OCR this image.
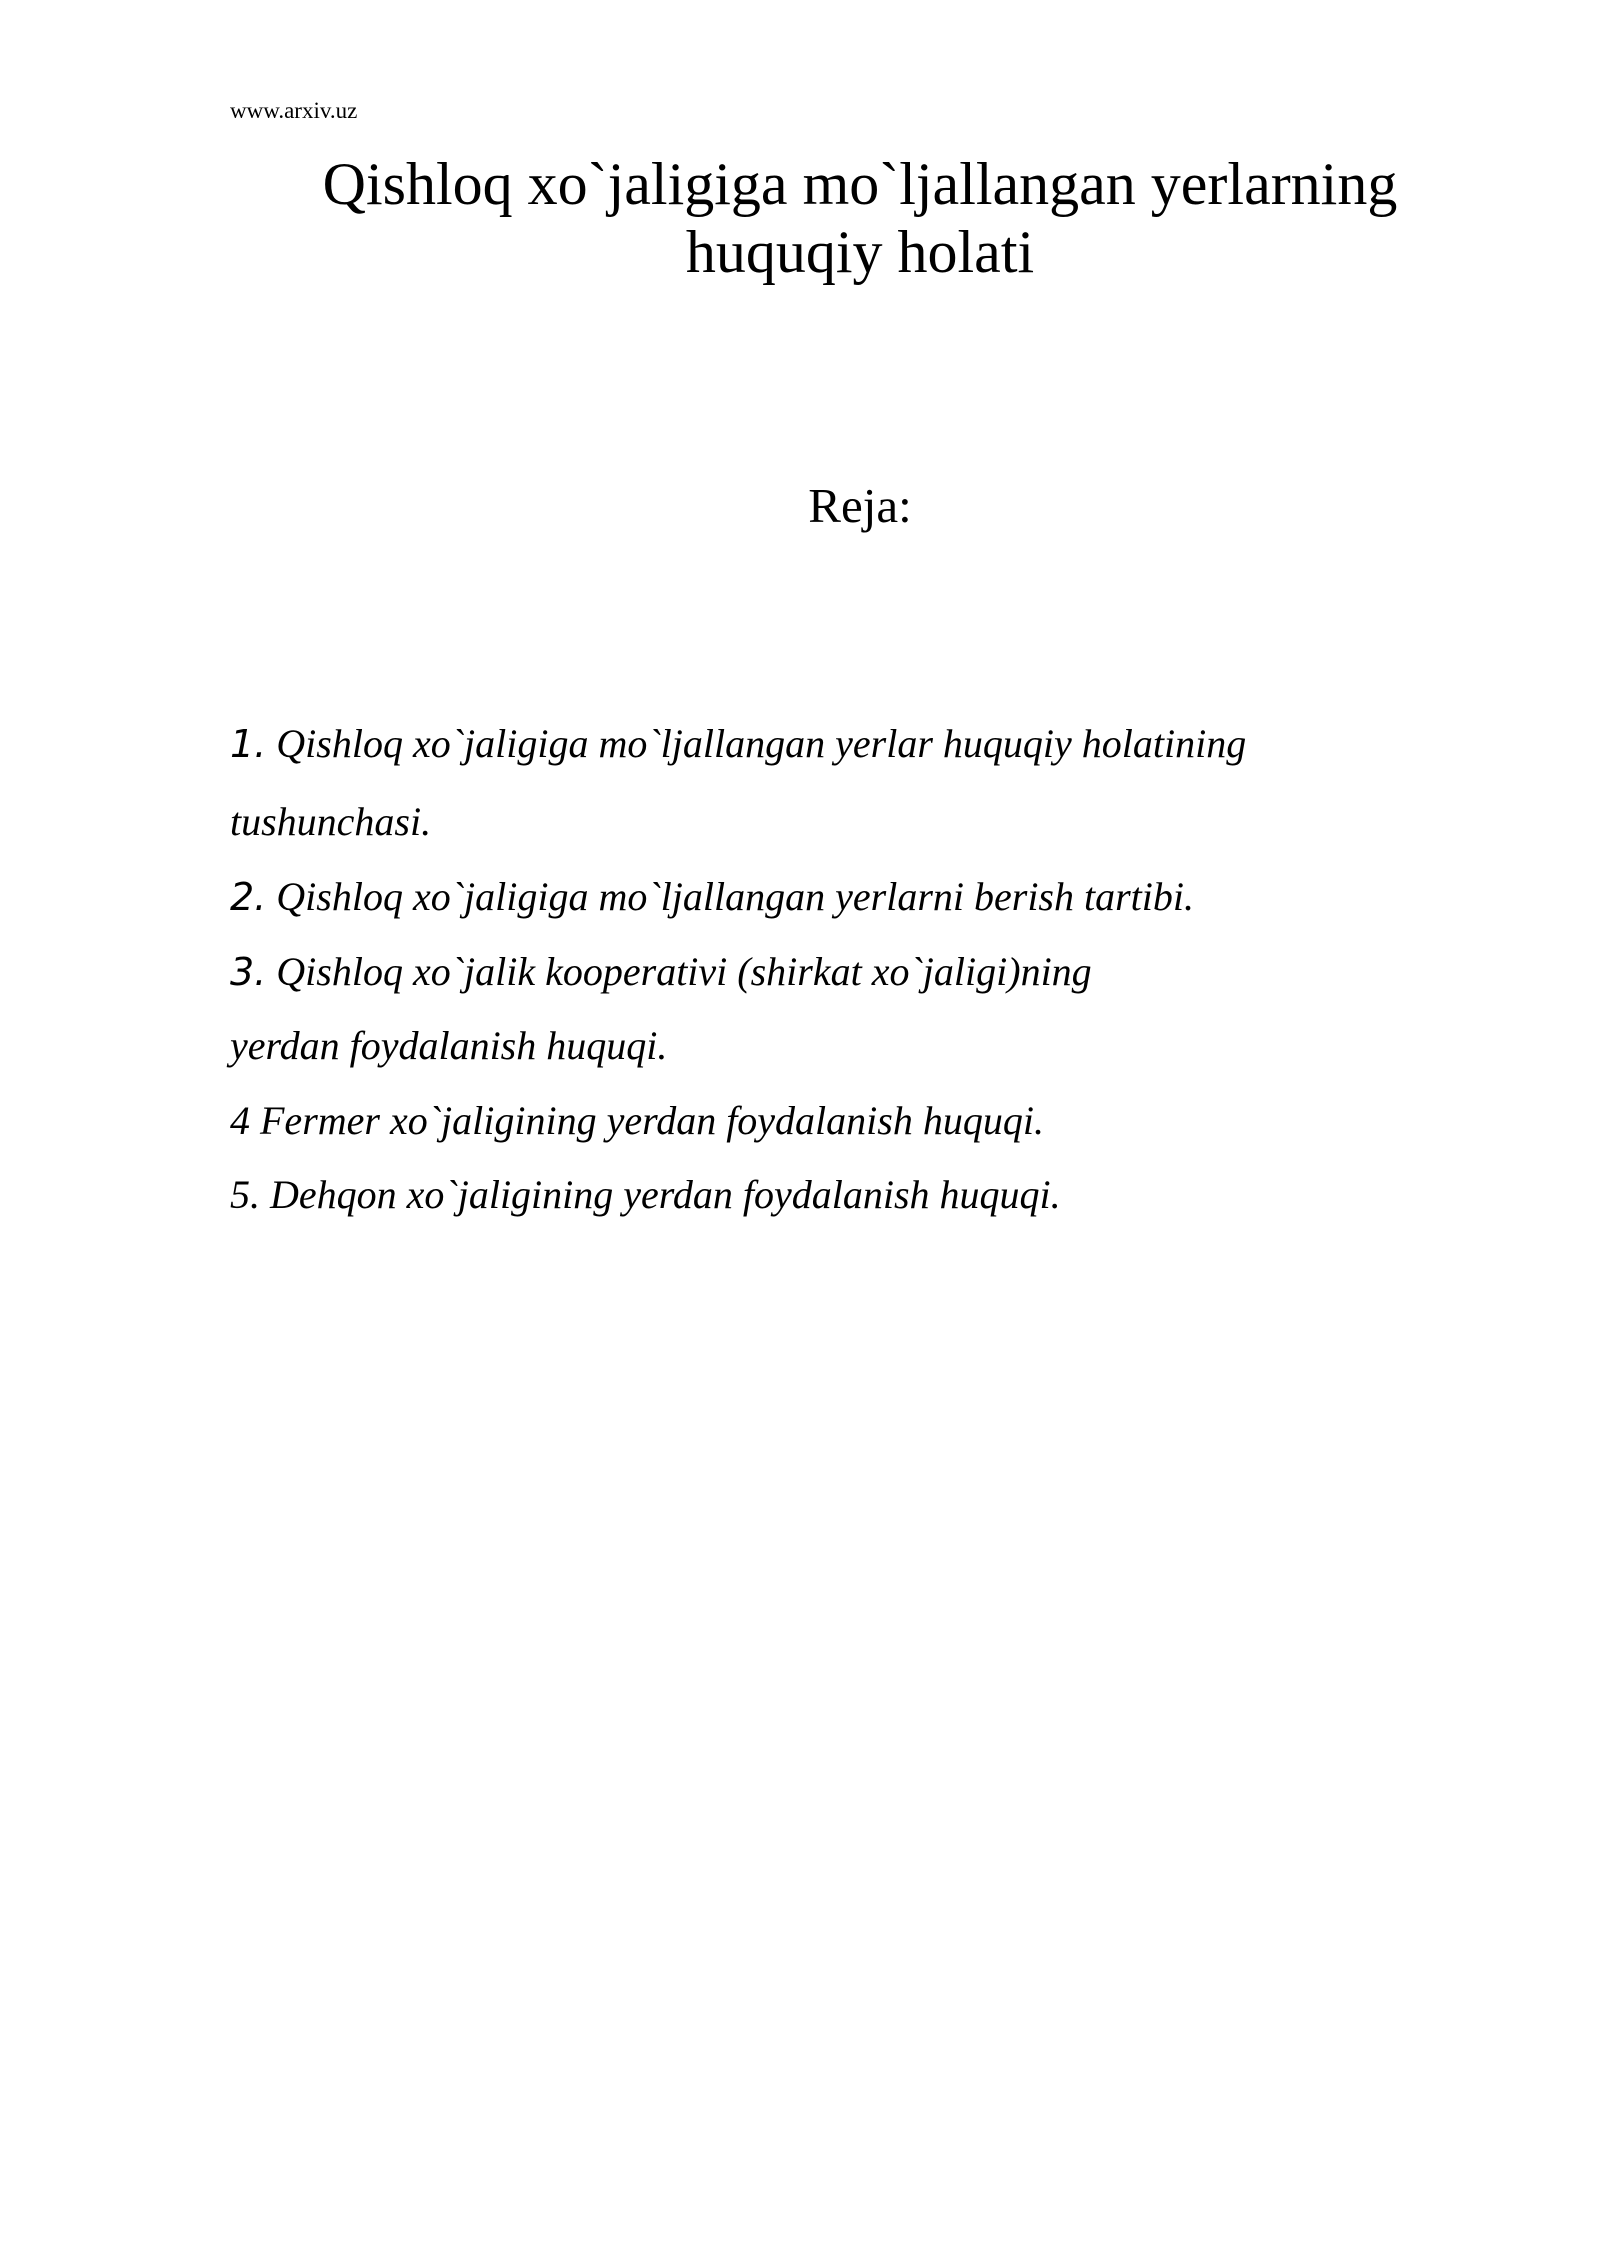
www.arxiv.uz
Qishloq xo`jaligiga mo`ljallangan yerlarning
huquqiy holati
Reja:
1. Qishloq xo`jaligiga mo`ljallangan yerlar huquqiy holatining
tushunchasi.
2. Qishloq xo`jaligiga mo`ljallangan yerlarni berish tartibi.
3. Qishloq xo`jalik kooperativi (shirkat xo`jaligi)ning
yerdan foydalanish huquqi.
4 Fermer xo`jaligining yerdan foydalanish huquqi.
5. Dehqon xo`jaligining yerdan foydalanish huquqi.
